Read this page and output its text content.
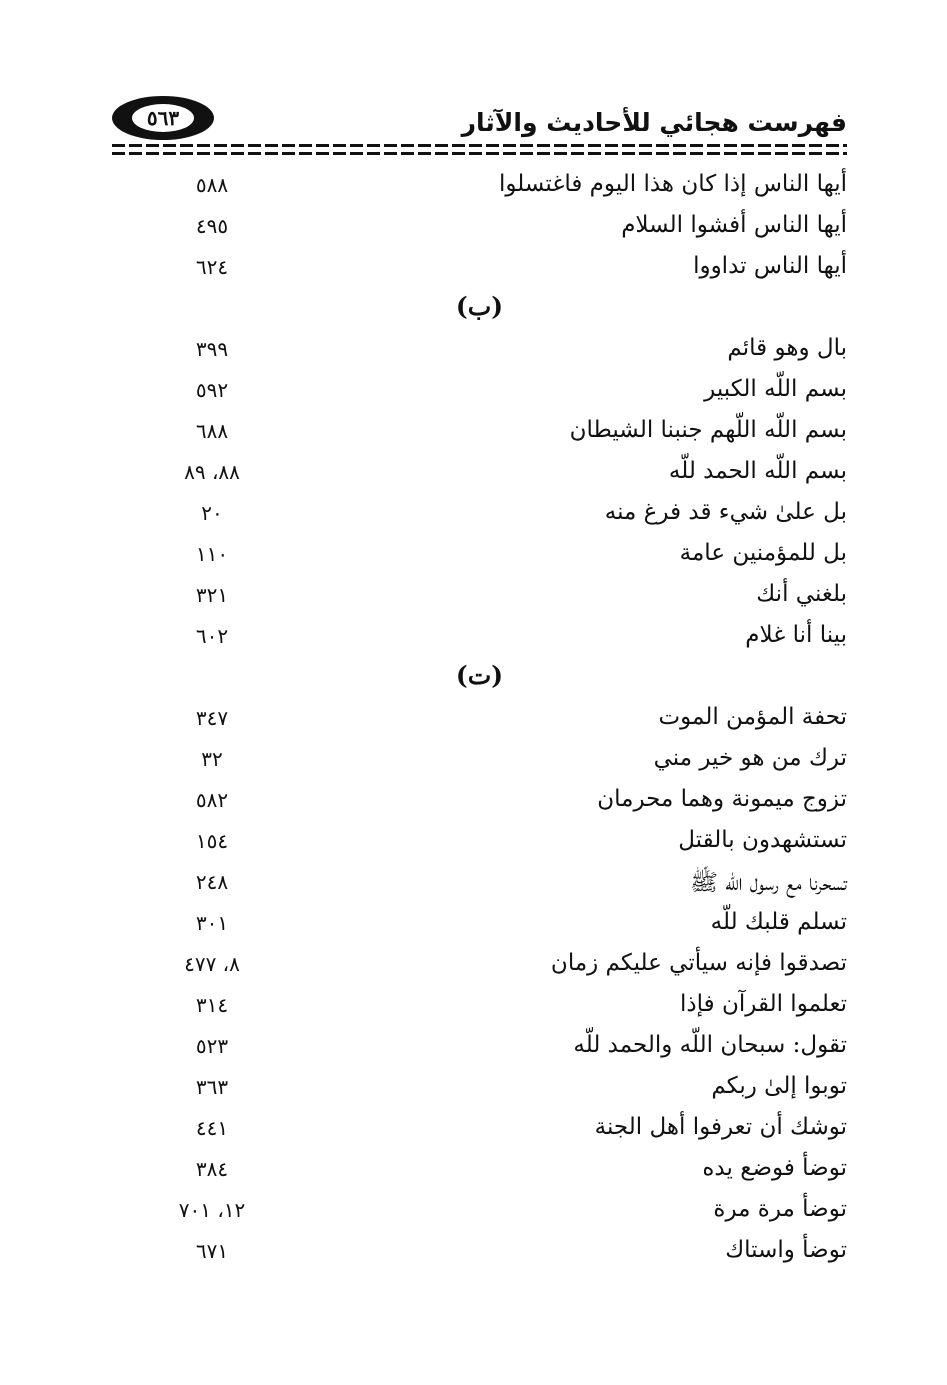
٥٦٣	فهرست هجائي للأحاديث والآثار
أيها الناس إذا كان هذا اليوم فاغتسلوا
٥٨٨
أيها الناس أفشوا السلام
٤٩٥
أيها الناس تداووا
٦٢٤
(ب)
بال وهو قائم
٣٩٩
بسم اللّه الكبير
٥٩٢
بسم اللّه اللّهم جنبنا الشيطان
٦٨٨
بسم اللّه الحمد للّه
٨٨، ٨٩
بل علىٰ شيء قد فرغ منه
٢٠
بل للمؤمنين عامة
١١٠
بلغني أنك
٣٢١
بينا أنا غلام
٦٠٢
(ت)
تحفة المؤمن الموت
٣٤٧
ترك من هو خير مني
٣٢
تزوج ميمونة وهما محرمان
٥٨٢
تستشهدون بالقتل
١٥٤
تسحرنا مع رسول اللّه ﷺ
٢٤٨
تسلم قلبك للّه
٣٠١
تصدقوا فإنه سيأتي عليكم زمان
٨، ٤٧٧
تعلموا القرآن فإذا
٣١٤
تقول: سبحان اللّه والحمد للّه
٥٢٣
توبوا إلىٰ ربكم
٣٦٣
توشك أن تعرفوا أهل الجنة
٤٤١
توضأ فوضع يده
٣٨٤
توضأ مرة مرة
١٢، ٧٠١
توضأ واستاك
٦٧١
